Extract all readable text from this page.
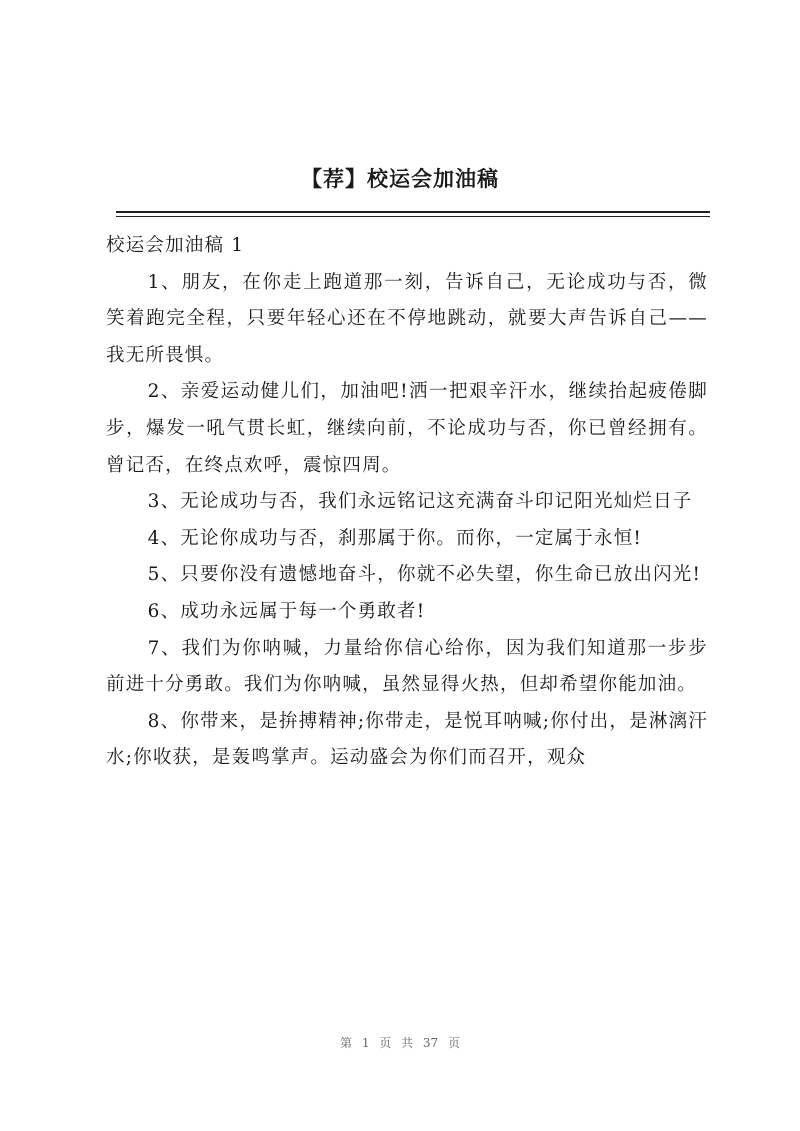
【荐】校运会加油稿

校运会加油稿 1

1、朋友，在你走上跑道那一刻，告诉自己，无论成功与否，微笑着跑完全程，只要年轻心还在不停地跳动，就要大声告诉自己——我无所畏惧。

2、亲爱运动健儿们，加油吧!洒一把艰辛汗水，继续抬起疲倦脚步，爆发一吼气贯长虹，继续向前，不论成功与否，你已曾经拥有。曾记否，在终点欢呼，震惊四周。

3、无论成功与否，我们永远铭记这充满奋斗印记阳光灿烂日子

4、无论你成功与否，刹那属于你。而你，一定属于永恒!

5、只要你没有遗憾地奋斗，你就不必失望，你生命已放出闪光!

6、成功永远属于每一个勇敢者!

7、我们为你呐喊，力量给你信心给你，因为我们知道那一步步前进十分勇敢。我们为你呐喊，虽然显得火热，但却希望你能加油。

8、你带来，是拚搏精神;你带走，是悦耳呐喊;你付出，是淋漓汗水;你收获，是轰鸣掌声。运动盛会为你们而召开，观众

第 1 页 共 37 页
